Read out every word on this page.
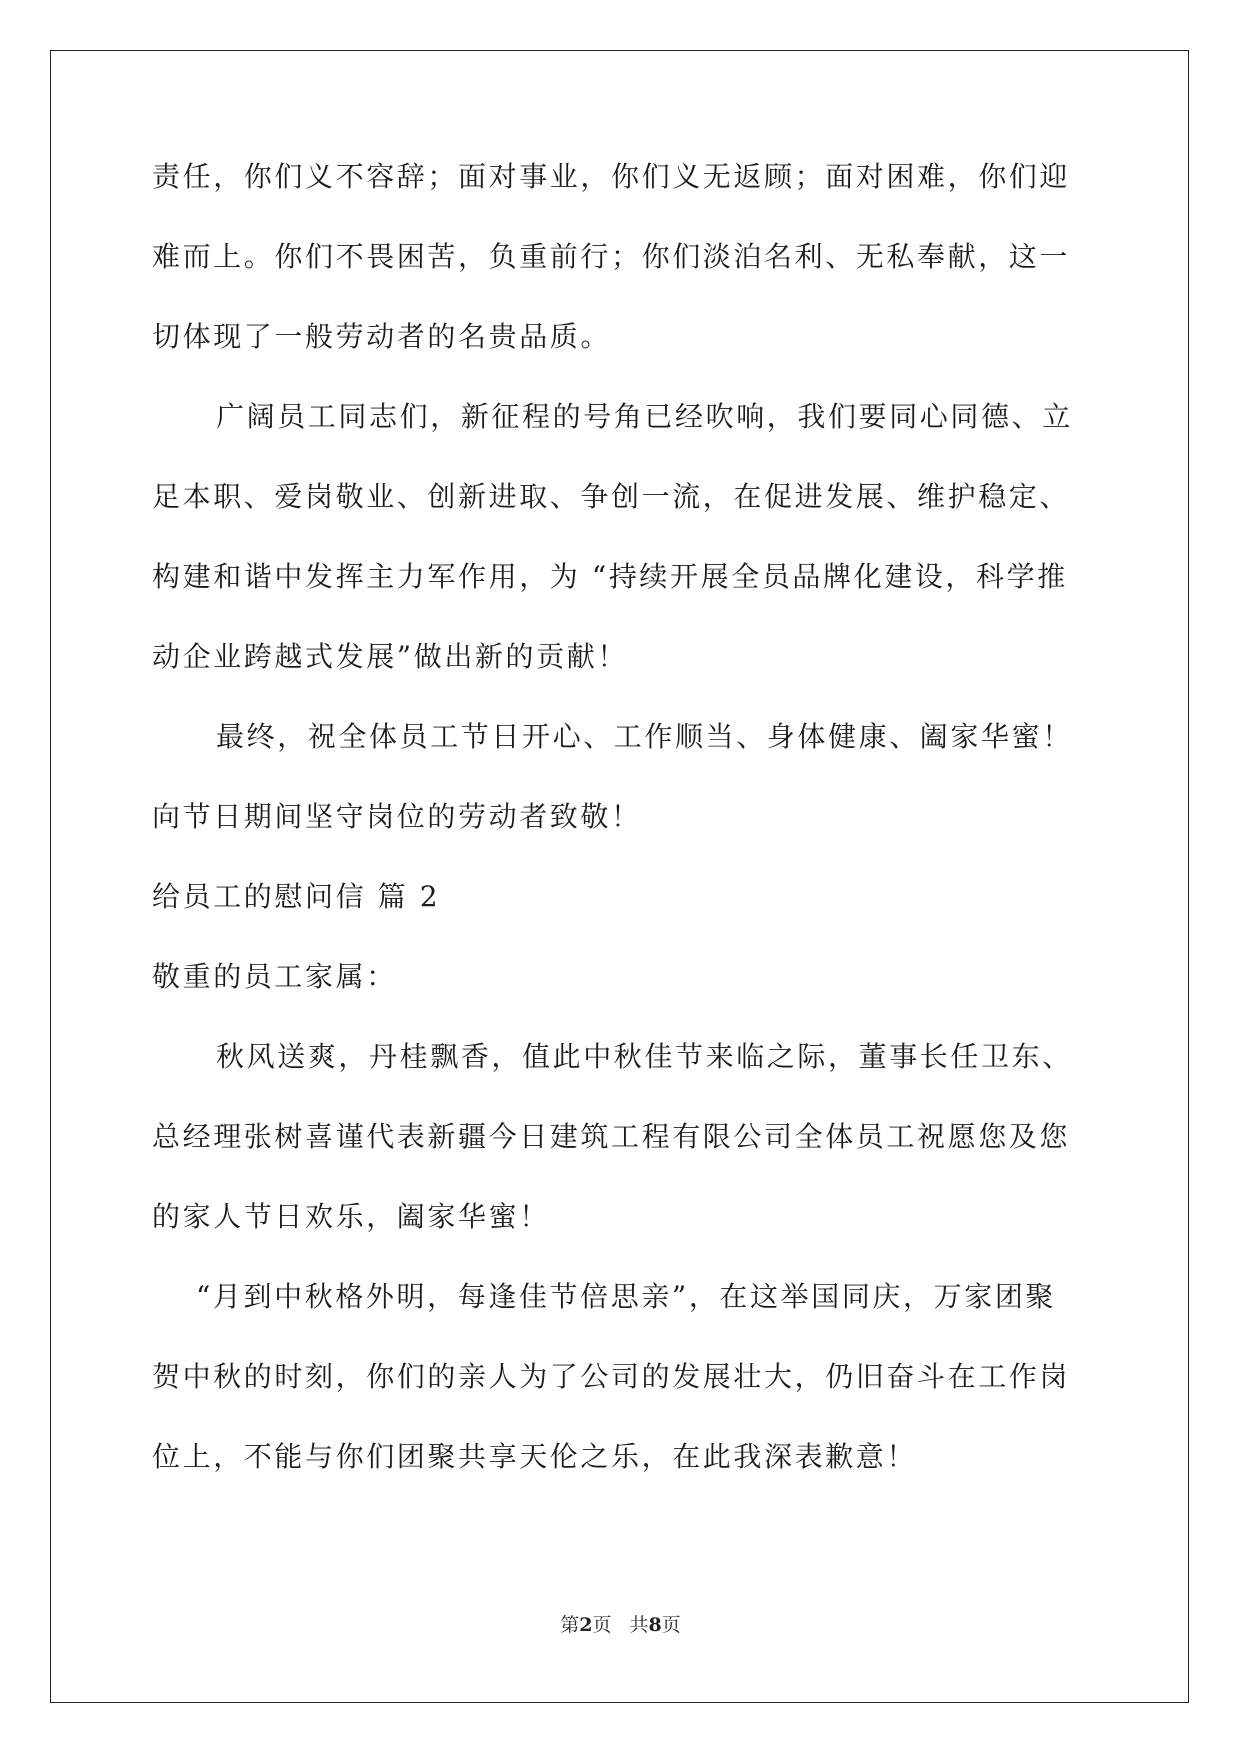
责任，你们义不容辞；面对事业，你们义无返顾；面对困难，你们迎
难而上。你们不畏困苦，负重前行；你们淡泊名利、无私奉献，这一
切体现了一般劳动者的名贵品质。
广阔员工同志们，新征程的号角已经吹响，我们要同心同德、立
足本职、爱岗敬业、创新进取、争创一流，在促进发展、维护稳定、
构建和谐中发挥主力军作用，为 “持续开展全员品牌化建设，科学推
动企业跨越式发展”做出新的贡献！
最终，祝全体员工节日开心、工作顺当、身体健康、阖家华蜜！
向节日期间坚守岗位的劳动者致敬！
给员工的慰问信 篇 2
敬重的员工家属：
秋风送爽，丹桂飘香，值此中秋佳节来临之际，董事长任卫东、
总经理张树喜谨代表新疆今日建筑工程有限公司全体员工祝愿您及您
的家人节日欢乐，阖家华蜜！
“月到中秋格外明，每逢佳节倍思亲”，在这举国同庆，万家团聚
贺中秋的时刻，你们的亲人为了公司的发展壮大，仍旧奋斗在工作岗
位上，不能与你们团聚共享天伦之乐，在此我深表歉意！
第2页 共8页
